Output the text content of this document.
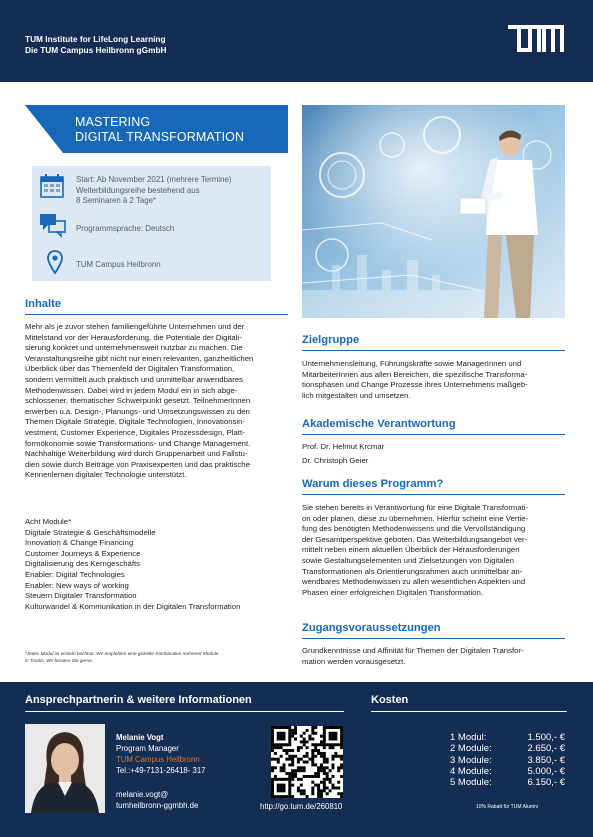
TUM Institute for LifeLong Learning
Die TUM Campus Heilbronn gGmbH
MASTERING
DIGITAL TRANSFORMATION
Start: Ab November 2021 (mehrere Termine)
Weiterbildungsreihe bestehend aus
8 Seminaren à 2 Tage*
Programmsprache: Deutsch
TUM Campus Heilbronn
Inhalte
Mehr als je zuvor stehen familiengeführte Unternehmen und der
Mittelstand vor der Herausforderung, die Potentiale der Digitali-
sierung konkret und unternehmensweit nutzbar zu machen. Die
Veranstaltungsreihe gibt nicht nur einen relevanten, ganzheitlichen
Überblick über das Themenfeld der Digitalen Transformation,
sondern vermittelt auch praktisch und unmittelbar anwendbares
Methodenwissen. Dabei wird in jedem Modul ein in sich abge-
schlossener, thematischer Schwerpunkt gesetzt. TeilnehmerInnen
erwerben u.a. Design-, Planungs- und Umsetzungswissen zu den
Themen Digitale Strategie, Digitale Technologien, Innovationsin-
vestment, Customer Experience, Digitales Prozessdesign, Platt-
formökonomie sowie Transformations- und Change Management.
Nachhaltige Weiterbildung wird durch Gruppenarbeit und Fallstu-
dien sowie durch Beiträge von Praxisexperten und das praktische
Kennenlernen digitaler Technologie unterstützt.
Acht Module*
Digitale Strategie & Geschäftsmodelle
Innovation & Change Financing
Customer Journeys & Experience
Digitalisierung des Kerngeschäfts
Enabler: Digital Technologies
Enabler: New ways of working
Steuern Digitaler Transformation
Kulturwandel & Kommunikation in der Digitalen Transformation
*Jedes Modul ist einzeln buchbar. Wir empfehlen eine gezielte Kombination mehrerer Module
in Tracks. Wir beraten Sie gerne.
Zielgruppe
Unternehmensleitung, Führungskräfte sowie ManagerInnen und
MitarbeiterInnen aus allen Bereichen, die spezifische Transforma-
tionsphasen und Change Prozesse ihres Unternehmens maßgeb-
lich mitgestalten und umsetzen.
Akademische Verantwortung
Prof. Dr. Helmut Krcmar
Dr. Christoph Geier
Warum dieses Programm?
Sie stehen bereits in Verantwortung für eine Digitale Transformati-
on oder planen, diese zu übernehmen. Hierfür scheint eine Vertie-
fung des benötigten Methodenwissens und die Vervollständigung
der Gesamtperspektive geboten. Das Weiterbildungsangebot ver-
mittelt neben einem aktuellen Überblick der Herausforderungen
sowie Gestaltungselementen und Zielsetzungen von Digitalen
Transformationen als Orientierungsrahmen auch unmittelbar an-
wendbares Methodenwissen zu allen wesentlichen Aspekten und
Phasen einer erfolgreichen Digitalen Transformation.
Zugangsvoraussetzungen
Grundkenntnisse und Affinität für Themen der Digitalen Transfor-
mation werden vorausgesetzt.
Ansprechpartnerin & weitere Informationen	Kosten
Melanie Vogt
Program Manager
TUM Campus Heilbronn
Tel.:+49-7131-26418- 317
melanie.vogt@
tumheilbronn-ggmbh.de	http://go.tum.de/260810
1 Modul:
2 Module:
3 Module:
4 Module:
5 Module:
1.500,- €
2.650,- €
3.850,- €
5.000,- €
6.150,- €
10% Rabatt für TUM Alumni
